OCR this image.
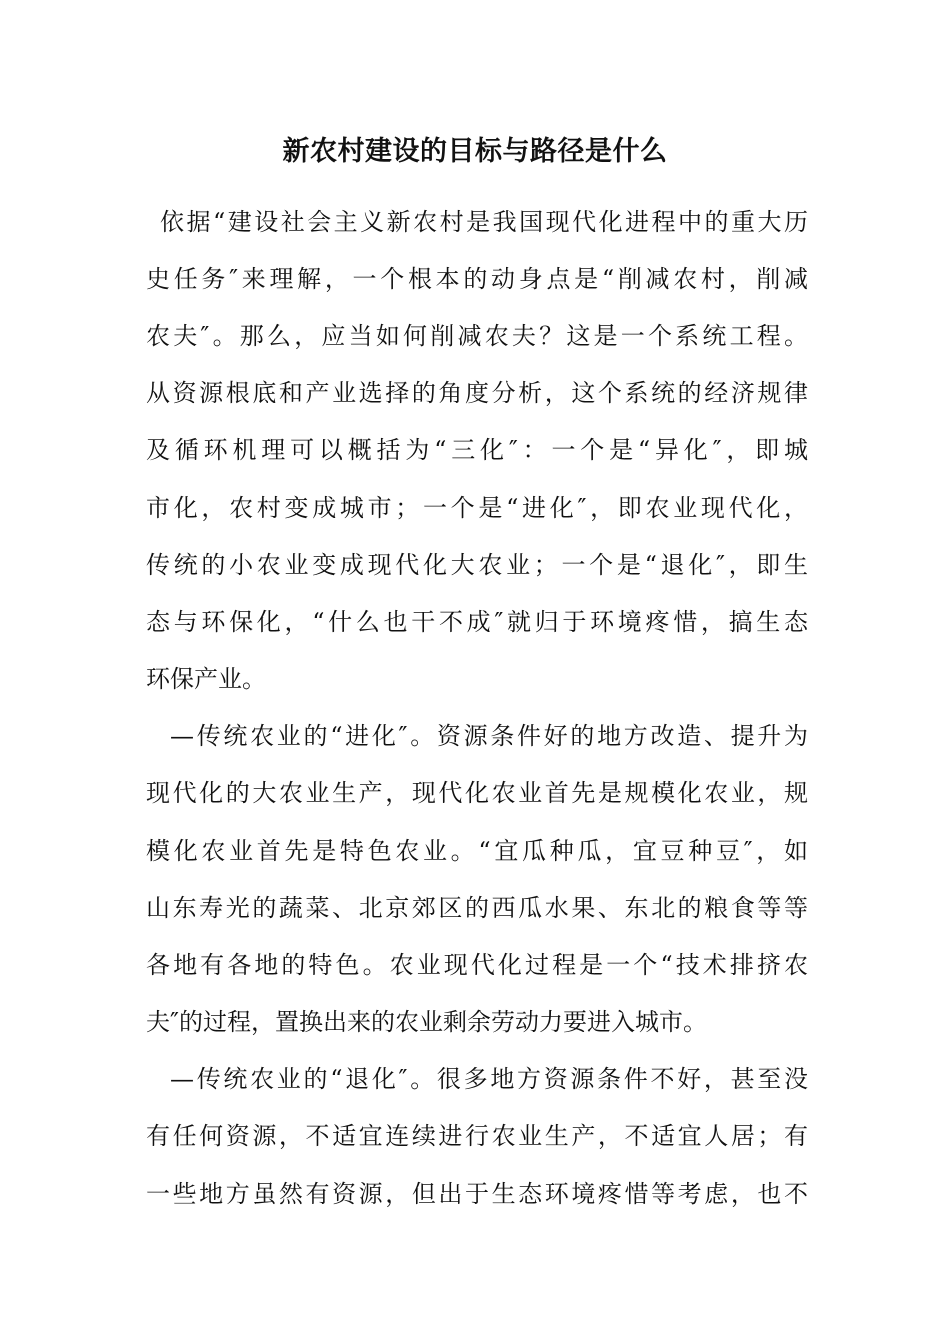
新农村建设的目标与路径是什么
依据“建设社会主义新农村是我国现代化进程中的重大历
史任务″来理解，一个根本的动身点是“削减农村，削减
农夫″。那么，应当如何削减农夫？这是一个系统工程。
从资源根底和产业选择的角度分析，这个系统的经济规律
及循环机理可以概括为“三化″：一个是“异化″，即城
市化，农村变成城市；一个是“进化″，即农业现代化，
传统的小农业变成现代化大农业；一个是“退化″，即生
态与环保化，“什么也干不成″就归于环境疼惜，搞生态
环保产业。
—传统农业的“进化″。资源条件好的地方改造、提升为
现代化的大农业生产，现代化农业首先是规模化农业，规
模化农业首先是特色农业。“宜瓜种瓜，宜豆种豆″，如
山东寿光的蔬菜、北京郊区的西瓜水果、东北的粮食等等
各地有各地的特色。农业现代化过程是一个“技术排挤农
夫″的过程，置换出来的农业剩余劳动力要进入城市。
—传统农业的“退化″。很多地方资源条件不好，甚至没
有任何资源，不适宜连续进行农业生产，不适宜人居；有
一些地方虽然有资源，但出于生态环境疼惜等考虑，也不
